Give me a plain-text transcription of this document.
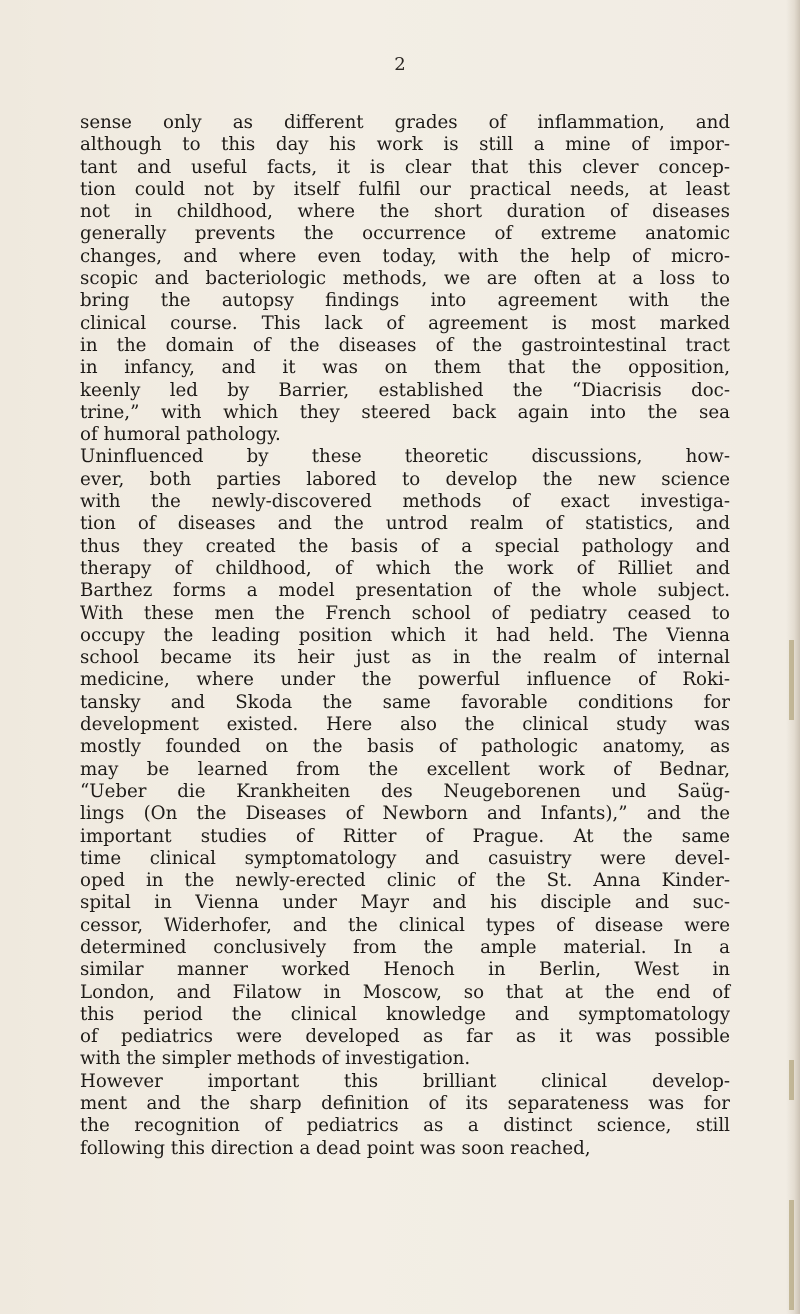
2
sense only as different grades of inflammation, and
although to this day his work is still a mine of impor-
tant and useful facts, it is clear that this clever concep-
tion could not by itself fulfil our practical needs, at least
not in childhood, where the short duration of diseases
generally prevents the occurrence of extreme anatomic
changes, and where even today, with the help of micro-
scopic and bacteriologic methods, we are often at a loss to
bring the autopsy findings into agreement with the
clinical course. This lack of agreement is most marked
in the domain of the diseases of the gastrointestinal tract
in infancy, and it was on them that the opposition,
keenly led by Barrier, established the “Diacrisis doc-
trine,” with which they steered back again into the sea
of humoral pathology.
Uninfluenced by these theoretic discussions, how-
ever, both parties labored to develop the new science
with the newly-discovered methods of exact investiga-
tion of diseases and the untrod realm of statistics, and
thus they created the basis of a special pathology and
therapy of childhood, of which the work of Rilliet and
Barthez forms a model presentation of the whole subject.
With these men the French school of pediatry ceased to
occupy the leading position which it had held. The Vienna
school became its heir just as in the realm of internal
medicine, where under the powerful influence of Roki-
tansky and Skoda the same favorable conditions for
development existed. Here also the clinical study was
mostly founded on the basis of pathologic anatomy, as
may be learned from the excellent work of Bednar,
“Ueber die Krankheiten des Neugeborenen und Saüg-
lings (On the Diseases of Newborn and Infants),” and the
important studies of Ritter of Prague. At the same
time clinical symptomatology and casuistry were devel-
oped in the newly-erected clinic of the St. Anna Kinder-
spital in Vienna under Mayr and his disciple and suc-
cessor, Widerhofer, and the clinical types of disease were
determined conclusively from the ample material. In a
similar manner worked Henoch in Berlin, West in
London, and Filatow in Moscow, so that at the end of
this period the clinical knowledge and symptomatology
of pediatrics were developed as far as it was possible
with the simpler methods of investigation.
However important this brilliant clinical develop-
ment and the sharp definition of its separateness was for
the recognition of pediatrics as a distinct science, still
following this direction a dead point was soon reached,
